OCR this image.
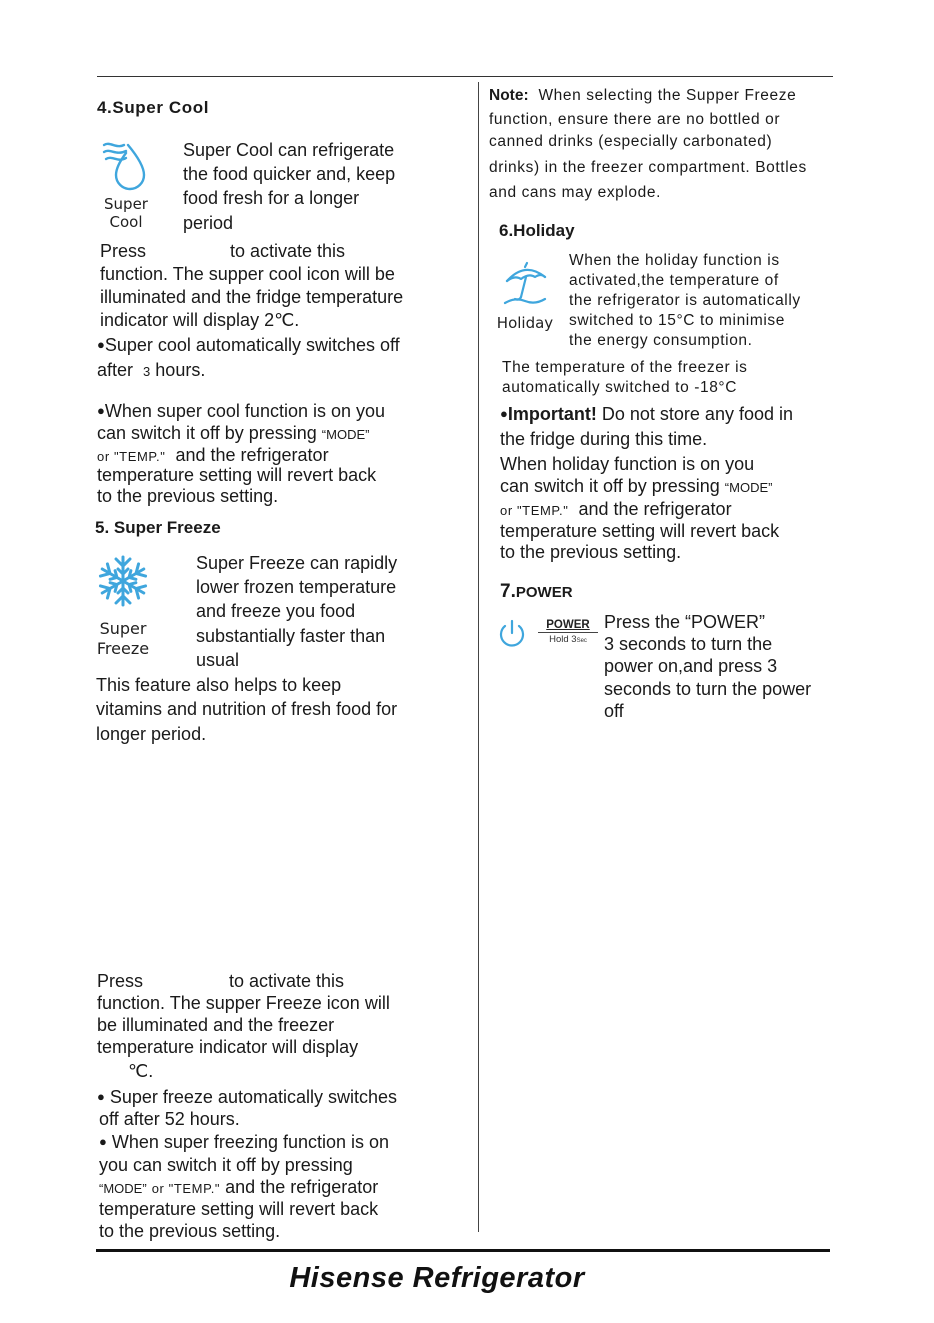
4.Super Cool
Super
Cool
Super Cool can refrigerate
the food quicker and, keep
food fresh for a longer
period
Press	to activate this
function. The supper cool icon will be
illuminated and the fridge temperature
indicator will display 2℃.
●Super cool automatically switches off
after 3 hours.
●When super cool function is on you
can switch it off by pressing “MODE”
or "TEMP." and the refrigerator
temperature setting will revert back
to the previous setting.
5. Super Freeze
Super
Freeze
Super Freeze can rapidly
lower frozen temperature
and freeze you food
substantially faster than
usual
This feature also helps to keep
vitamins and nutrition of fresh food for
longer period.
Press	to activate this
function. The supper Freeze icon will
be illuminated and the freezer
temperature indicator will display
℃.
● Super freeze automatically switches
off after 52 hours.
● When super freezing function is on
you can switch it off by pressing
“MODE” or "TEMP." and the refrigerator
temperature setting will revert back
to the previous setting.
Note: When selecting the Supper Freeze
function, ensure there are no bottled or
canned drinks (especially carbonated)
drinks) in the freezer compartment. Bottles
and cans may explode.
6.Holiday
Holiday
When the holiday function is
activated,the temperature of
the refrigerator is automatically
switched to 15°C to minimise
the energy consumption.
The temperature of the freezer is
automatically switched to -18°C
●Important! Do not store any food in
the fridge during this time.
When holiday function is on you
can switch it off by pressing “MODE”
or "TEMP." and the refrigerator
temperature setting will revert back
to the previous setting.
7.POWER
POWER
Hold 3Sec
Press the “POWER”
3 seconds to turn the
power on,and press 3
seconds to turn the power
off
Hisense Refrigerator
